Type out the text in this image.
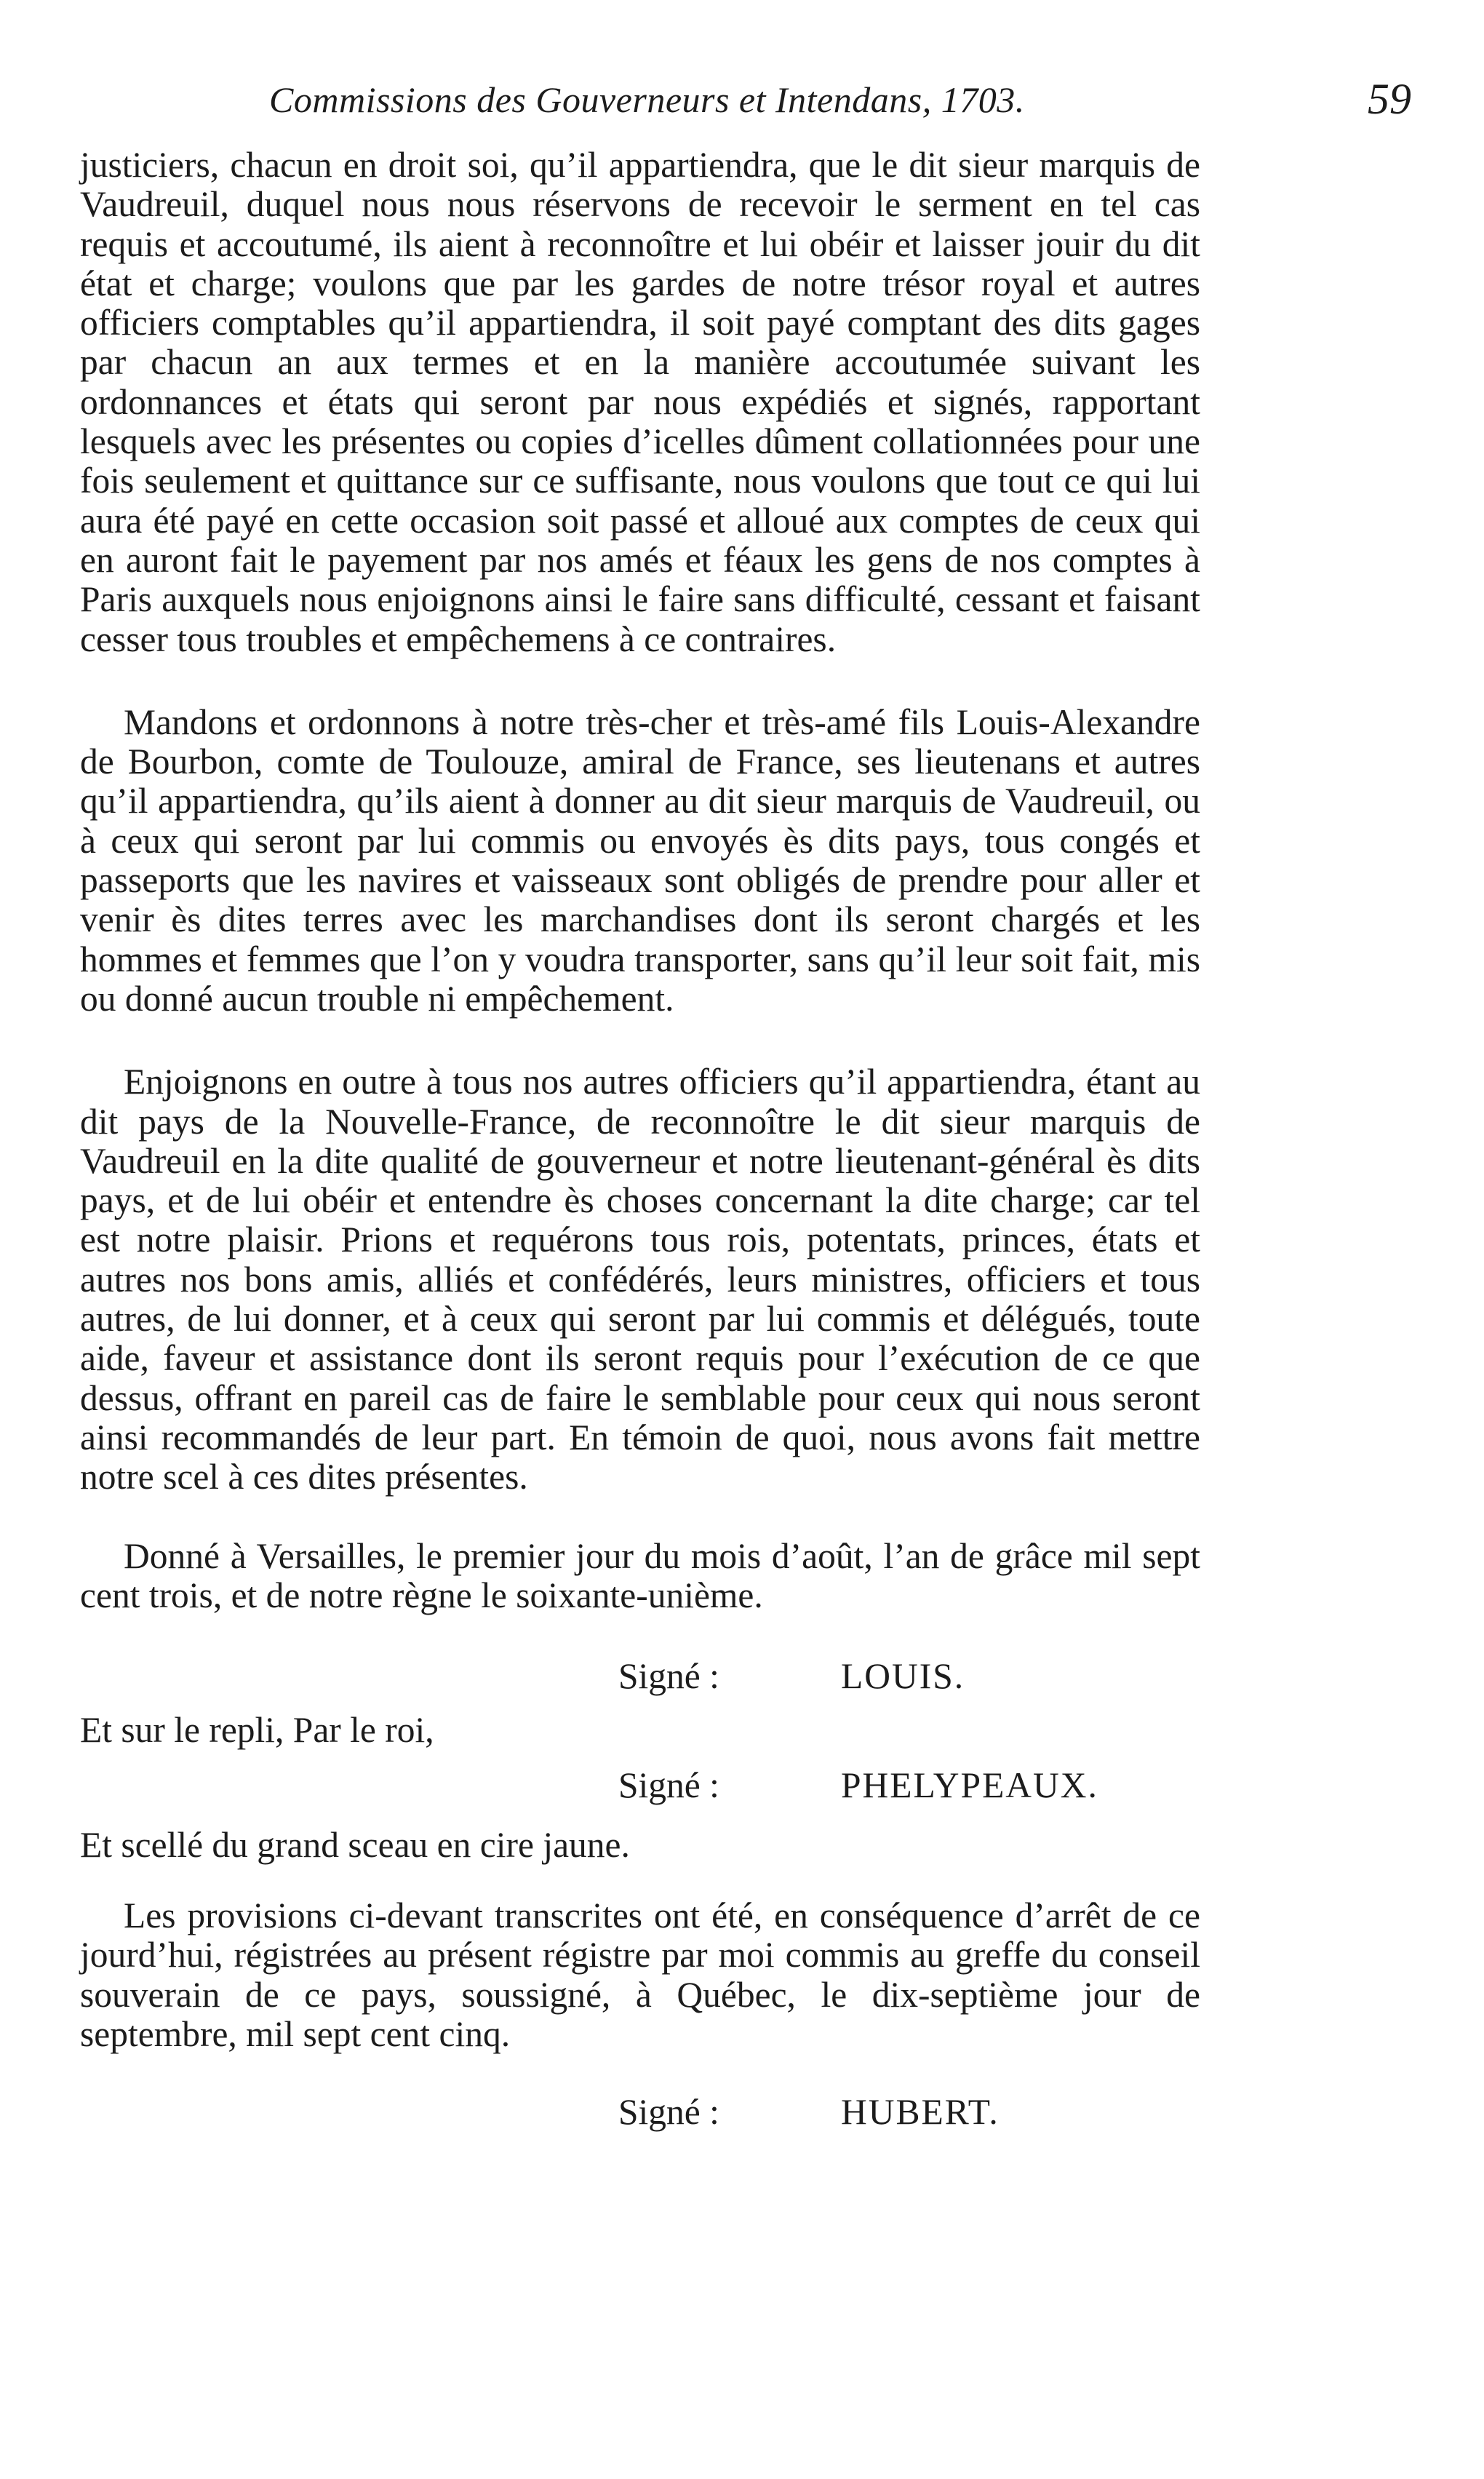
Commissions des Gouverneurs et Intendans, 1703.	59

justiciers, chacun en droit soi, qu’il appartiendra, que le dit sieur marquis de Vaudreuil, duquel nous nous réservons de recevoir le serment en tel cas requis et accoutumé, ils aient à reconnoître et lui obéir et laisser jouir du dit état et charge; voulons que par les gardes de notre trésor royal et autres officiers comptables qu’il appartiendra, il soit payé comptant des dits gages par chacun an aux termes et en la manière accoutumée suivant les ordonnances et états qui seront par nous expédiés et signés, rapportant lesquels avec les présentes ou copies d’icelles dûment collationnées pour une fois seulement et quittance sur ce suffisante, nous voulons que tout ce qui lui aura été payé en cette occasion soit passé et alloué aux comptes de ceux qui en auront fait le payement par nos amés et féaux les gens de nos comptes à Paris auxquels nous enjoignons ainsi le faire sans difficulté, cessant et faisant cesser tous troubles et empêchemens à ce contraires.

Mandons et ordonnons à notre très-cher et très-amé fils Louis-Alexandre de Bourbon, comte de Toulouze, amiral de France, ses lieutenans et autres qu’il appartiendra, qu’ils aient à donner au dit sieur marquis de Vaudreuil, ou à ceux qui seront par lui commis ou envoyés ès dits pays, tous congés et passeports que les navires et vaisseaux sont obligés de prendre pour aller et venir ès dites terres avec les marchandises dont ils seront chargés et les hommes et femmes que l’on y voudra transporter, sans qu’il leur soit fait, mis ou donné aucun trouble ni empêchement.

Enjoignons en outre à tous nos autres officiers qu’il appartiendra, étant au dit pays de la Nouvelle-France, de reconnoître le dit sieur marquis de Vaudreuil en la dite qualité de gouverneur et notre lieutenant-général ès dits pays, et de lui obéir et entendre ès choses concernant la dite charge; car tel est notre plaisir. Prions et requérons tous rois, potentats, princes, états et autres nos bons amis, alliés et confédérés, leurs ministres, officiers et tous autres, de lui donner, et à ceux qui seront par lui commis et délégués, toute aide, faveur et assistance dont ils seront requis pour l’exécution de ce que dessus, offrant en pareil cas de faire le semblable pour ceux qui nous seront ainsi recommandés de leur part. En témoin de quoi, nous avons fait mettre notre scel à ces dites présentes.

Donné à Versailles, le premier jour du mois d’août, l’an de grâce mil sept cent trois, et de notre règne le soixante-unième.

Signé :	LOUIS.
Et sur le repli, Par le roi,
Signé :	PHELYPEAUX.
Et scellé du grand sceau en cire jaune.

Les provisions ci-devant transcrites ont été, en conséquence d’arrêt de ce jourd’hui, régistrées au présent régistre par moi commis au greffe du conseil souverain de ce pays, soussigné, à Québec, le dix-septième jour de septembre, mil sept cent cinq.

Signé :	HUBERT.
